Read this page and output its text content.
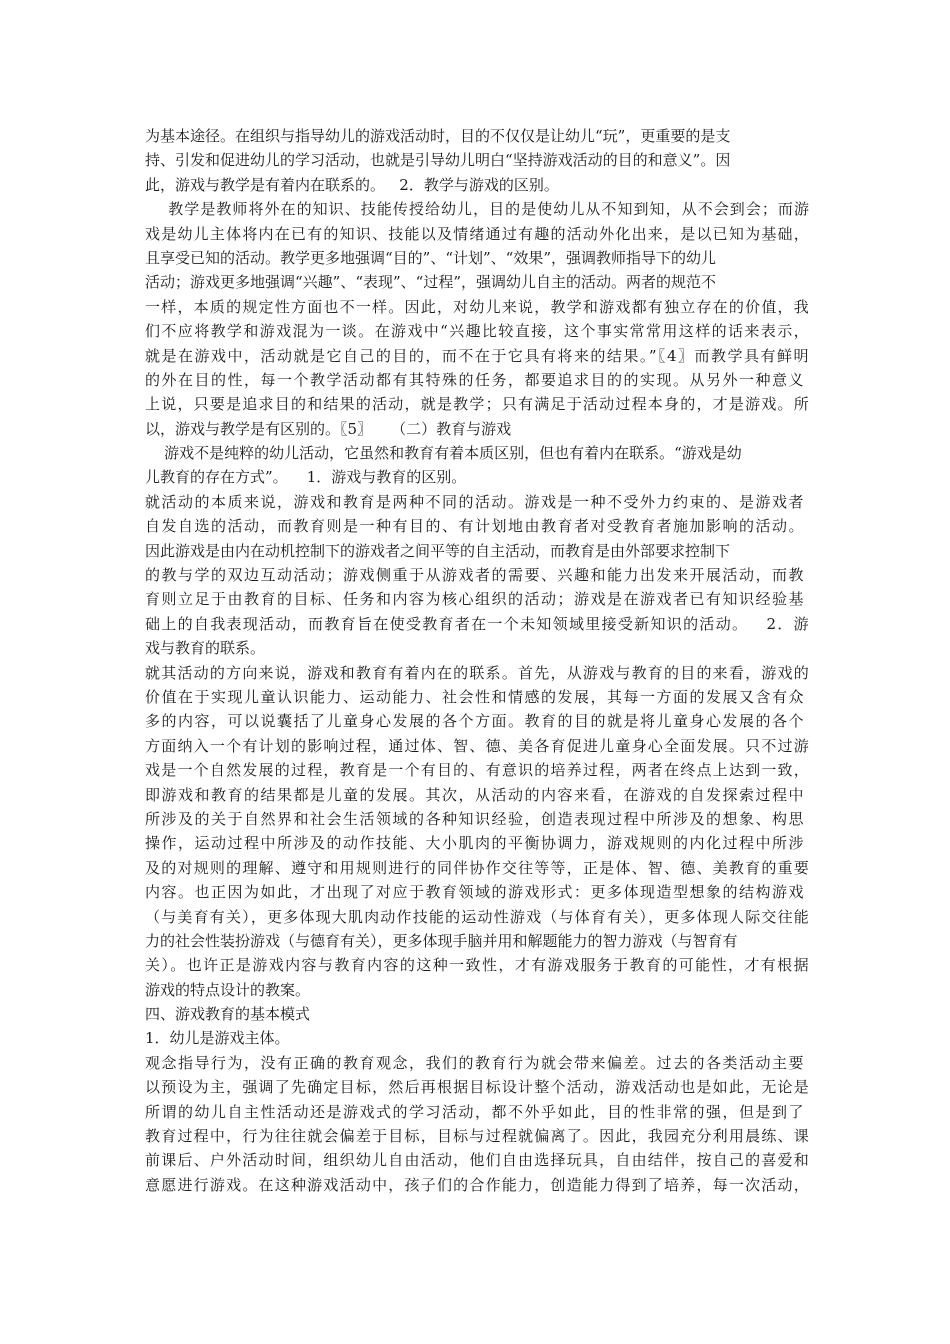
为基本途径。在组织与指导幼儿的游戏活动时，目的不仅仅是让幼儿“玩”，更重要的是支
持、引发和促进幼儿的学习活动，也就是引导幼儿明白“坚持游戏活动的目的和意义”。因
此，游戏与教学是有着内在联系的。   2．教学与游戏的区别。
教学是教师将外在的知识、技能传授给幼儿，目的是使幼儿从不知到知，从不会到会；而游
戏是幼儿主体将内在已有的知识、技能以及情绪通过有趣的活动外化出来，是以已知为基础，
且享受已知的活动。教学更多地强调“目的”、“计划”、“效果”，强调教师指导下的幼儿
活动；游戏更多地强调“兴趣”、“表现”、“过程”，强调幼儿自主的活动。两者的规范不
一样，本质的规定性方面也不一样。因此，对幼儿来说，教学和游戏都有独立存在的价值，我
们不应将教学和游戏混为一谈。在游戏中“兴趣比较直接，这个事实常常用这样的话来表示，
就是在游戏中，活动就是它自己的目的，而不在于它具有将来的结果。”〖4〗而教学具有鲜明
的外在目的性，每一个教学活动都有其特殊的任务，都要追求目的的实现。从另外一种意义
上说，只要是追求目的和结果的活动，就是教学；只有满足于活动过程本身的，才是游戏。所
以，游戏与教学是有区别的。〖5〗    （二）教育与游戏
游戏不是纯粹的幼儿活动，它虽然和教育有着本质区别，但也有着内在联系。“游戏是幼
儿教育的存在方式”。    1．游戏与教育的区别。
就活动的本质来说，游戏和教育是两种不同的活动。游戏是一种不受外力约束的、是游戏者
自发自选的活动，而教育则是一种有目的、有计划地由教育者对受教育者施加影响的活动。
因此游戏是由内在动机控制下的游戏者之间平等的自主活动，而教育是由外部要求控制下
的教与学的双边互动活动；游戏侧重于从游戏者的需要、兴趣和能力出发来开展活动，而教
育则立足于由教育的目标、任务和内容为核心组织的活动；游戏是在游戏者已有知识经验基
础上的自我表现活动，而教育旨在使受教育者在一个未知领域里接受新知识的活动。   2．游
戏与教育的联系。
就其活动的方向来说，游戏和教育有着内在的联系。首先，从游戏与教育的目的来看，游戏的
价值在于实现儿童认识能力、运动能力、社会性和情感的发展，其每一方面的发展又含有众
多的内容，可以说囊括了儿童身心发展的各个方面。教育的目的就是将儿童身心发展的各个
方面纳入一个有计划的影响过程，通过体、智、德、美各育促进儿童身心全面发展。只不过游
戏是一个自然发展的过程，教育是一个有目的、有意识的培养过程，两者在终点上达到一致，
即游戏和教育的结果都是儿童的发展。其次，从活动的内容来看，在游戏的自发探索过程中
所涉及的关于自然界和社会生活领域的各种知识经验，创造表现过程中所涉及的想象、构思
操作，运动过程中所涉及的动作技能、大小肌肉的平衡协调力，游戏规则的内化过程中所涉
及的对规则的理解、遵守和用规则进行的同伴协作交往等等，正是体、智、德、美教育的重要
内容。也正因为如此，才出现了对应于教育领域的游戏形式：更多体现造型想象的结构游戏
（与美育有关），更多体现大肌肉动作技能的运动性游戏（与体育有关），更多体现人际交往能
力的社会性装扮游戏（与德育有关），更多体现手脑并用和解题能力的智力游戏（与智育有
关）。也许正是游戏内容与教育内容的这种一致性，才有游戏服务于教育的可能性，才有根据
游戏的特点设计的教案。
四、游戏教育的基本模式
1．幼儿是游戏主体。
观念指导行为，没有正确的教育观念，我们的教育行为就会带来偏差。过去的各类活动主要
以预设为主，强调了先确定目标，然后再根据目标设计整个活动，游戏活动也是如此，无论是
所谓的幼儿自主性活动还是游戏式的学习活动，都不外乎如此，目的性非常的强，但是到了
教育过程中，行为往往就会偏差于目标，目标与过程就偏离了。因此，我园充分利用晨练、课
前课后、户外活动时间，组织幼儿自由活动，他们自由选择玩具，自由结伴，按自己的喜爱和
意愿进行游戏。在这种游戏活动中，孩子们的合作能力，创造能力得到了培养，每一次活动，
